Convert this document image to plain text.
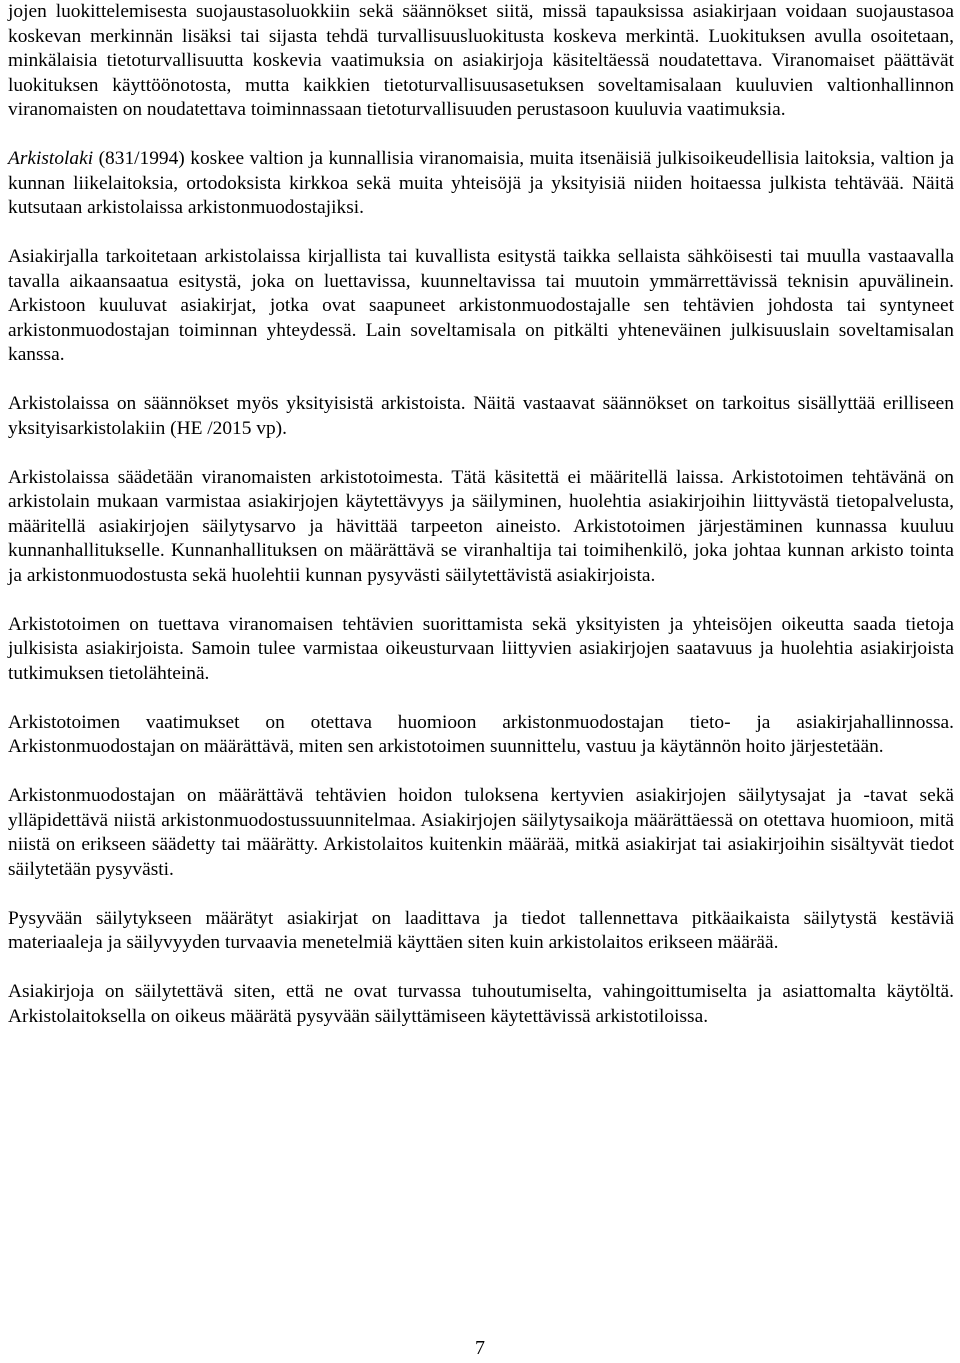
jojen luokittelemisesta suojaustasoluokkiin sekä säännökset siitä, missä tapauksissa asiakirjaan voidaan suojaustasoa koskevan merkinnän lisäksi tai sijasta tehdä turvallisuusluokitusta koskeva merkintä. Luokituksen avulla osoitetaan, minkälaisia tietoturvallisuutta koskevia vaatimuksia on asiakirjoja käsiteltäessä noudatettava. Viranomaiset päättävät luokituksen käyttöönotosta, mutta kaikkien tietoturvallisuusasetuksen soveltamisalaan kuuluvien valtionhallinnon viranomaisten on noudatettava toiminnassaan tietoturvallisuuden perustasoon kuuluvia vaatimuksia.

Arkistolaki (831/1994) koskee valtion ja kunnallisia viranomaisia, muita itsenäisiä julkisoikeudellisia laitoksia, valtion ja kunnan liikelaitoksia, ortodoksista kirkkoa sekä muita yhteisöjä ja yksityisiä niiden hoitaessa julkista tehtävää. Näitä kutsutaan arkistolaissa arkistonmuodostajiksi.

Asiakirjalla tarkoitetaan arkistolaissa kirjallista tai kuvallista esitystä taikka sellaista sähköisesti tai muulla vastaavalla tavalla aikaansaatua esitystä, joka on luettavissa, kuunneltavissa tai muutoin ymmärrettävissä teknisin apuvälinein. Arkistoon kuuluvat asiakirjat, jotka ovat saapuneet arkistonmuodostajalle sen tehtävien johdosta tai syntyneet arkistonmuodostajan toiminnan yhteydessä. Lain soveltamisala on pitkälti yhteneväinen julkisuuslain soveltamisalan kanssa.

Arkistolaissa on säännökset myös yksityisistä arkistoista. Näitä vastaavat säännökset on tarkoitus sisällyttää erilliseen yksityisarkistolakiin (HE /2015 vp).

Arkistolaissa säädetään viranomaisten arkistotoimesta. Tätä käsitettä ei määritellä laissa. Arkistotoimen tehtävänä on arkistolain mukaan varmistaa asiakirjojen käytettävyys ja säilyminen, huolehtia asiakirjoihin liittyvästä tietopalvelusta, määritellä asiakirjojen säilytysarvo ja hävittää tarpeeton aineisto. Arkistotoimen järjestäminen kunnassa kuuluu kunnanhallitukselle. Kunnanhallituksen on määrättävä se viranhaltija tai toimihenkilö, joka johtaa kunnan arkisto tointa ja arkistonmuodostusta sekä huolehtii kunnan pysyvästi säilytettävistä asiakirjoista.

Arkistotoimen on tuettava viranomaisen tehtävien suorittamista sekä yksityisten ja yhteisöjen oikeutta saada tietoja julkisista asiakirjoista. Samoin tulee varmistaa oikeusturvaan liittyvien asiakirjojen saatavuus ja huolehtia asiakirjoista tutkimuksen tietolähteinä.

Arkistotoimen vaatimukset on otettava huomioon arkistonmuodostajan tieto- ja asiakirjahallinnossa. Arkistonmuodostajan on määrättävä, miten sen arkistotoimen suunnittelu, vastuu ja käytännön hoito järjestetään.

Arkistonmuodostajan on määrättävä tehtävien hoidon tuloksena kertyvien asiakirjojen säilytysajat ja -tavat sekä ylläpidettävä niistä arkistonmuodostussuunnitelmaa. Asiakirjojen säilytysaikoja määrättäessä on otettava huomioon, mitä niistä on erikseen säädetty tai määrätty. Arkistolaitos kuitenkin määrää, mitkä asiakirjat tai asiakirjoihin sisältyvät tiedot säilytetään pysyvästi.

Pysyvään säilytykseen määrätyt asiakirjat on laadittava ja tiedot tallennettava pitkäaikaista säilytystä kestäviä materiaaleja ja säilyvyyden turvaavia menetelmiä käyttäen siten kuin arkistolaitos erikseen määrää.

Asiakirjoja on säilytettävä siten, että ne ovat turvassa tuhoutumiselta, vahingoittumiselta ja asiattomalta käytöltä. Arkistolaitoksella on oikeus määrätä pysyvään säilyttämiseen käytettävissä arkistotiloissa.

7
